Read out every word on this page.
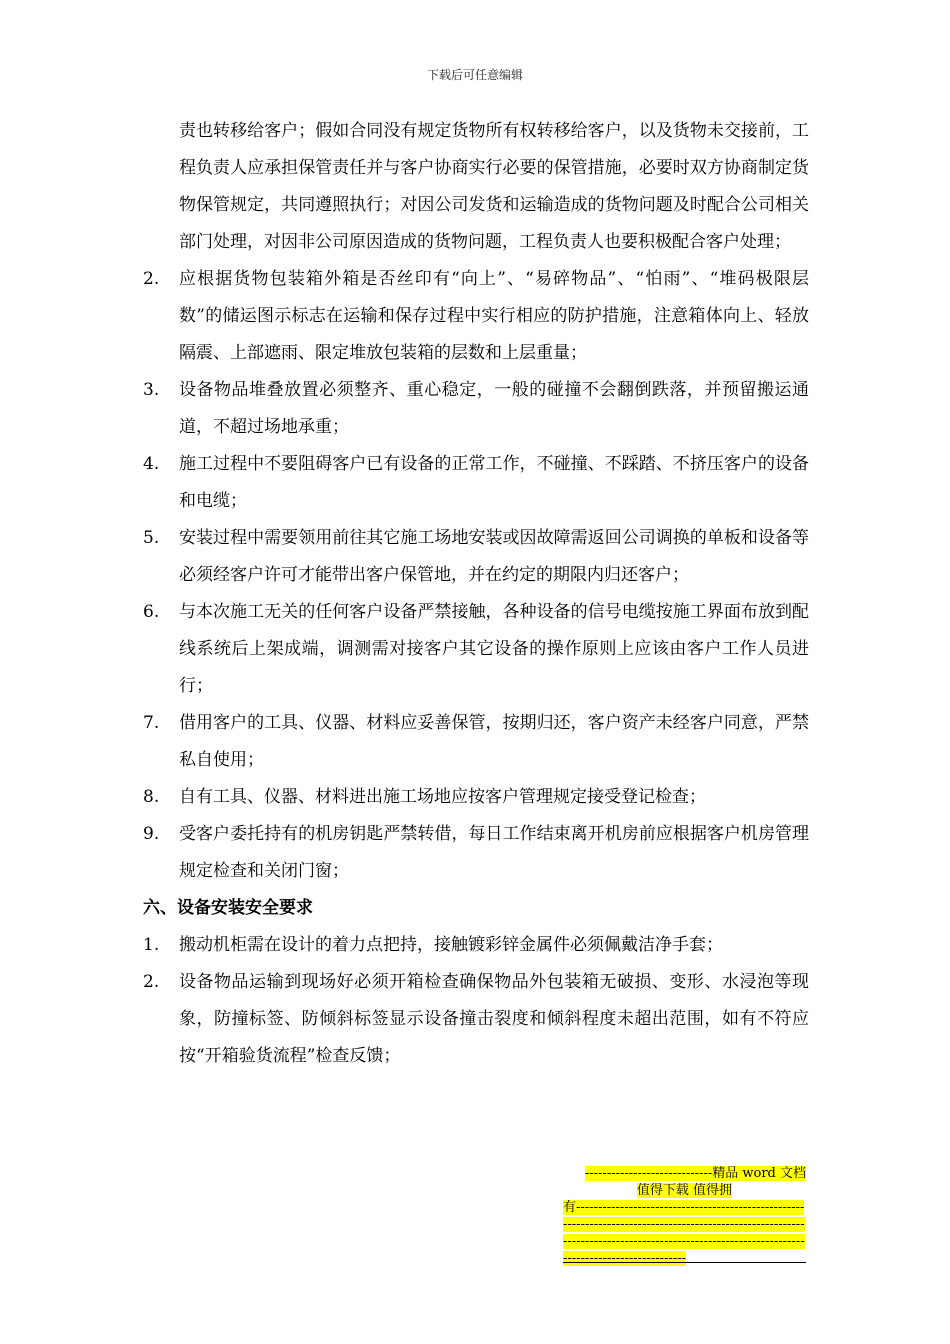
下载后可任意编辑

责也转移给客户；假如合同没有规定货物所有权转移给客户，以及货物未交接前，工程负责人应承担保管责任并与客户协商实行必要的保管措施，必要时双方协商制定货物保管规定，共同遵照执行；对因公司发货和运输造成的货物问题及时配合公司相关部门处理，对因非公司原因造成的货物问题，工程负责人也要积极配合客户处理；

2.	应根据货物包装箱外箱是否丝印有“向上”、“易碎物品”、“怕雨”、“堆码极限层数”的储运图示标志在运输和保存过程中实行相应的防护措施，注意箱体向上、轻放隔震、上部遮雨、限定堆放包装箱的层数和上层重量；
3.	设备物品堆叠放置必须整齐、重心稳定，一般的碰撞不会翻倒跌落，并预留搬运通道，不超过场地承重；
4.	施工过程中不要阻碍客户已有设备的正常工作，不碰撞、不踩踏、不挤压客户的设备和电缆；
5.	安装过程中需要领用前往其它施工场地安装或因故障需返回公司调换的单板和设备等必须经客户许可才能带出客户保管地，并在约定的期限内归还客户；
6.	与本次施工无关的任何客户设备严禁接触，各种设备的信号电缆按施工界面布放到配线系统后上架成端，调测需对接客户其它设备的操作原则上应该由客户工作人员进行；
7.	借用客户的工具、仪器、材料应妥善保管，按期归还，客户资产未经客户同意，严禁私自使用；
8.	自有工具、仪器、材料进出施工场地应按客户管理规定接受登记检查；
9.	受客户委托持有的机房钥匙严禁转借，每日工作结束离开机房前应根据客户机房管理规定检查和关闭门窗；
六、设备安装安全要求
1.	搬动机柜需在设计的着力点把持，接触镀彩锌金属件必须佩戴洁净手套；
2.	设备物品运输到现场好必须开箱检查确保物品外包装箱无破损、变形、水浸泡等现象，防撞标签、防倾斜标签显示设备撞击裂度和倾斜程度未超出范围，如有不符应按“开箱验货流程”检查反馈；
-----------------------------精品 word 文档
值得下载 值得拥
有----------------------------------------------------------------------------------------------------------------------------------------------------------------------------------------------
